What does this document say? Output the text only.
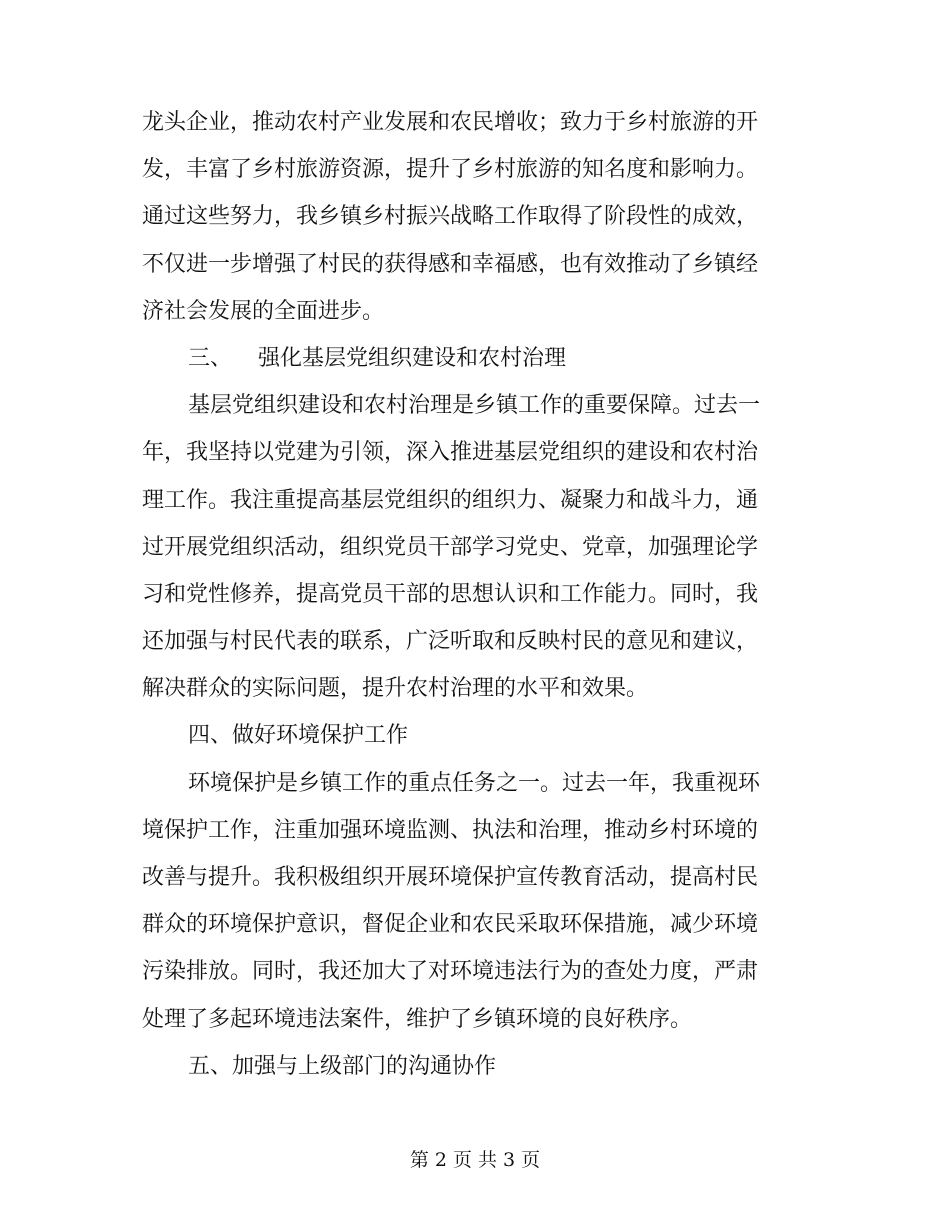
龙头企业，推动农村产业发展和农民增收；致力于乡村旅游的开
发，丰富了乡村旅游资源，提升了乡村旅游的知名度和影响力。
通过这些努力，我乡镇乡村振兴战略工作取得了阶段性的成效，
不仅进一步增强了村民的获得感和幸福感，也有效推动了乡镇经
济社会发展的全面进步。
三、 强化基层党组织建设和农村治理
基层党组织建设和农村治理是乡镇工作的重要保障。过去一
年，我坚持以党建为引领，深入推进基层党组织的建设和农村治
理工作。我注重提高基层党组织的组织力、凝聚力和战斗力，通
过开展党组织活动，组织党员干部学习党史、党章，加强理论学
习和党性修养，提高党员干部的思想认识和工作能力。同时，我
还加强与村民代表的联系，广泛听取和反映村民的意见和建议，
解决群众的实际问题，提升农村治理的水平和效果。
四、做好环境保护工作
环境保护是乡镇工作的重点任务之一。过去一年，我重视环
境保护工作，注重加强环境监测、执法和治理，推动乡村环境的
改善与提升。我积极组织开展环境保护宣传教育活动，提高村民
群众的环境保护意识，督促企业和农民采取环保措施，减少环境
污染排放。同时，我还加大了对环境违法行为的查处力度，严肃
处理了多起环境违法案件，维护了乡镇环境的良好秩序。
五、加强与上级部门的沟通协作
第 2 页 共 3 页
